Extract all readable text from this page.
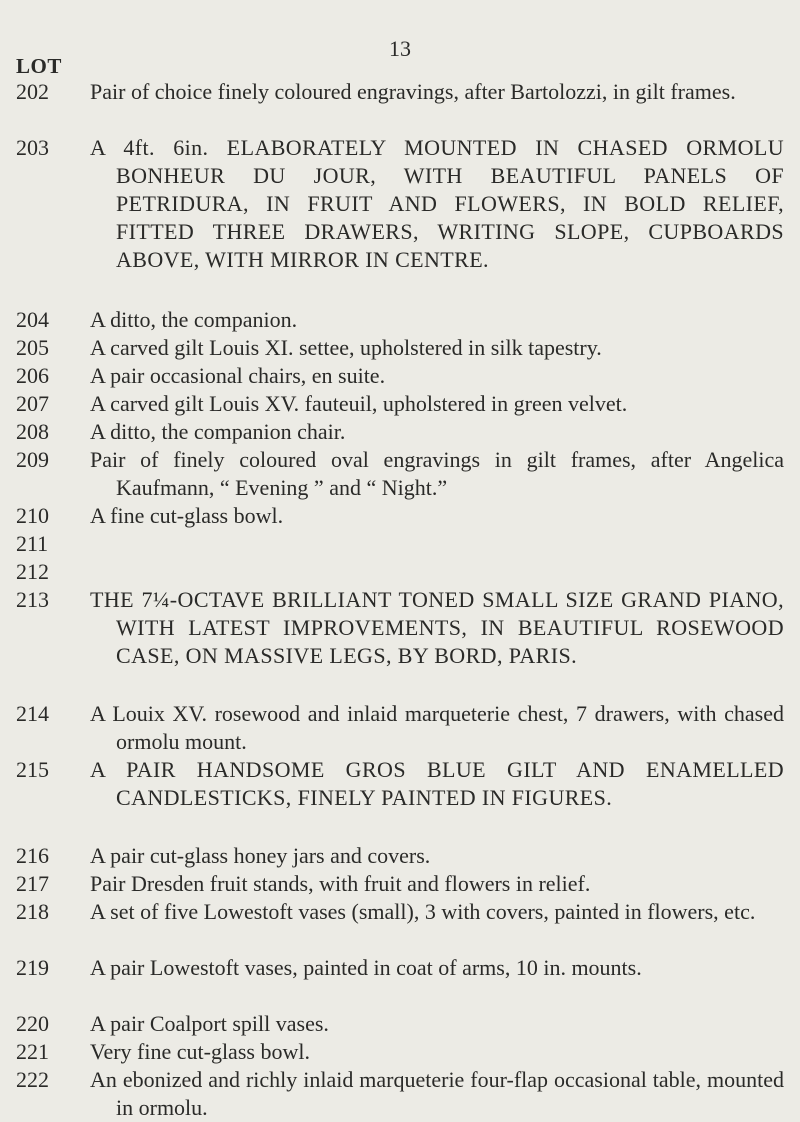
13
LOT
202 Pair of choice finely coloured engravings, after Bartolozzi, in gilt frames.
203 A 4ft. 6in. ELABORATELY MOUNTED IN CHASED ORMOLU BONHEUR DU JOUR, WITH BEAUTIFUL PANELS OF PETRIDURA, IN FRUIT AND FLOWERS, IN BOLD RELIEF, FITTED THREE DRAWERS, WRITING SLOPE, CUPBOARDS ABOVE, WITH MIRROR IN CENTRE.
204 A ditto, the companion.
205 A carved gilt Louis XI. settee, upholstered in silk tapestry.
206 A pair occasional chairs, en suite.
207 A carved gilt Louis XV. fauteuil, upholstered in green velvet.
208 A ditto, the companion chair.
209 Pair of finely coloured oval engravings in gilt frames, after Angelica Kaufmann, “ Evening ” and “ Night.”
210 A fine cut-glass bowl.
211
212
213 THE 7¼-OCTAVE BRILLIANT TONED SMALL SIZE GRAND PIANO, WITH LATEST IMPROVEMENTS, IN BEAUTIFUL ROSEWOOD CASE, ON MASSIVE LEGS, BY BORD, PARIS.
214 A Louix XV. rosewood and inlaid marqueterie chest, 7 drawers, with chased ormolu mount.
215 A PAIR HANDSOME GROS BLUE GILT AND ENAMELLED CANDLESTICKS, FINELY PAINTED IN FIGURES.
216 A pair cut-glass honey jars and covers.
217 Pair Dresden fruit stands, with fruit and flowers in relief.
218 A set of five Lowestoft vases (small), 3 with covers, painted in flowers, etc.
219 A pair Lowestoft vases, painted in coat of arms, 10 in. mounts.
220 A pair Coalport spill vases.
221 Very fine cut-glass bowl.
222 An ebonized and richly inlaid marqueterie four-flap occasional table, mounted in ormolu.
